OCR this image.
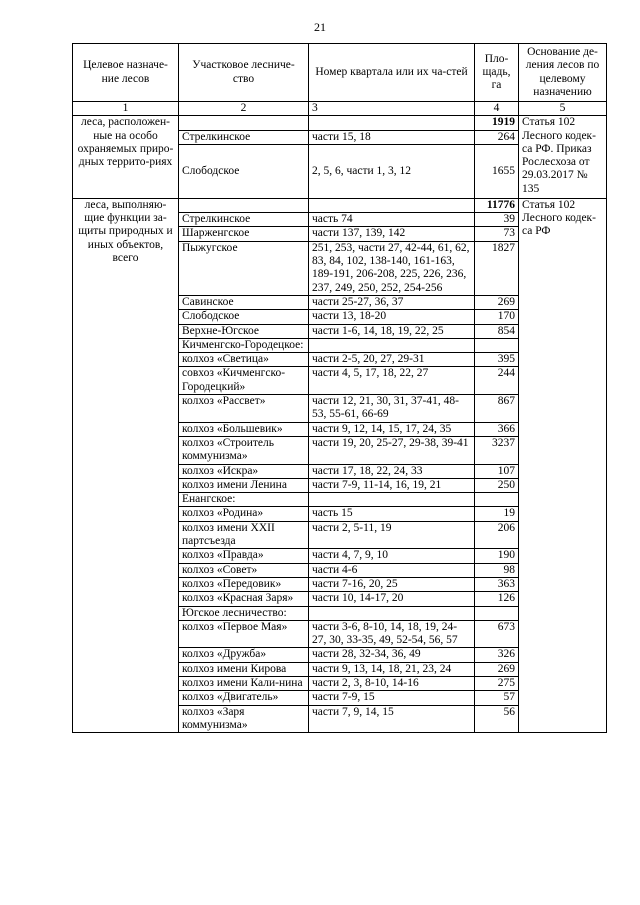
21
Целевое назначе-ние лесов	Участковое лесниче-ство	Номер квартала или их ча-стей	Пло-щадь, га	Основание де-ления лесов по целевому назначению
1	2	3	4	5
леса, расположен-ные на особо охраняемых приро-дных террито-риях			1919	Статья 102 Лесного кодек-са РФ. Приказ Рослесхоза от 29.03.2017 № 135
	Стрелкинское	части 15, 18	264	
	Слободское	2, 5, 6, части 1, 3, 12	1655	
леса, выполняю-щие функции за-щиты природных и иных объектов, всего			11776	Статья 102 Лесного кодек-са РФ
	Стрелкинское	часть 74	39	
	Шарженгское	части 137, 139, 142	73	
	Пыжугское	251, 253, части 27, 42-44, 61, 62, 83, 84, 102, 138-140, 161-163, 189-191, 206-208, 225, 226, 236, 237, 249, 250, 252, 254-256	1827	
	Савинское	части 25-27, 36, 37	269	
	Слободское	части 13, 18-20	170	
	Верхне-Югское	части 1-6, 14, 18, 19, 22, 25	854	
	Кичменгско-Городецкое:			
	колхоз «Светица»	части 2-5, 20, 27, 29-31	395	
	совхоз «Кичменгско-Городецкий»	части 4, 5, 17, 18, 22, 27	244	
	колхоз «Рассвет»	части 12, 21, 30, 31, 37-41, 48-53, 55-61, 66-69	867	
	колхоз «Большевик»	части 9, 12, 14, 15, 17, 24, 35	366	
	колхоз «Строитель коммунизма»	части 19, 20, 25-27, 29-38, 39-41	3237	
	колхоз «Искра»	части 17, 18, 22, 24, 33	107	
	колхоз имени Ленина	части 7-9, 11-14, 16, 19, 21	250	
	Енангское:			
	колхоз «Родина»	часть 15	19	
	колхоз имени XXII партсъезда	части 2, 5-11, 19	206	
	колхоз «Правда»	части 4, 7, 9, 10	190	
	колхоз «Совет»	части 4-6	98	
	колхоз «Передовик»	части 7-16, 20, 25	363	
	колхоз «Красная Заря»	части 10, 14-17, 20	126	
	Югское лесничество:			
	колхоз «Первое Мая»	части 3-6, 8-10, 14, 18, 19, 24-27, 30, 33-35, 49, 52-54, 56, 57	673	
	колхоз «Дружба»	части 28, 32-34, 36, 49	326	
	колхоз имени Кирова	части 9, 13, 14, 18, 21, 23, 24	269	
	колхоз имени Кали-нина	части 2, 3, 8-10, 14-16	275	
	колхоз «Двигатель»	части 7-9, 15	57	
	колхоз «Заря коммунизма»	части 7, 9, 14, 15	56	
